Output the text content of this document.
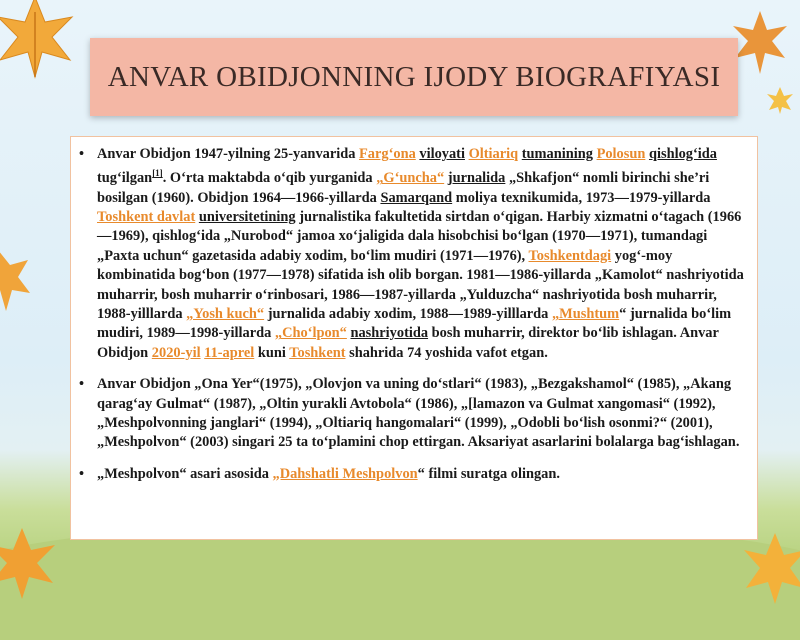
ANVAR OBIDJONNING IJODY BIOGRAFIYASI
• Anvar Obidjon 1947-yilning 25-yanvarida Farg‘ona viloyati Oltiariq tumanining Polosun qishlog‘ida tug‘ilgan[1]. O‘rta maktabda o‘qib yurganida „G‘uncha“ jurnalida „Shkafjon“ nomli birinchi she’ri bosilgan (1960). Obidjon 1964—1966-yillarda Samarqand moliya texnikumida, 1973—1979-yillarda Toshkent davlat universitetining jurnalistika fakultetida sirtdan o‘qigan. Harbiy xizmatni o‘tagach (1966—1969), qishlog‘ida „Nurobod“ jamoa xo‘jaligida dala hisobchisi bo‘lgan (1970—1971), tumandagi „Paxta uchun“ gazetasida adabiy xodim, bo‘lim mudiri (1971—1976), Toshkentdagi yog‘-moy kombinatida bog‘bon (1977—1978) sifatida ish olib borgan. 1981—1986-yillarda „Kamolot“ nashriyotida muharrir, bosh muharrir o‘rinbosari, 1986—1987-yillarda „Yulduzcha“ nashriyotida bosh muharrir, 1988-yilllarda „Yosh kuch“ jurnalida adabiy xodim, 1988—1989-yilllarda „Mushtum“ jurnalida bo‘lim mudiri, 1989—1998-yillarda „Cho‘lpon“ nashriyotida bosh muharrir, direktor bo‘lib ishlagan. Anvar Obidjon 2020-yil 11-aprel kuni Toshkent shahrida 74 yoshida vafot etgan.
• Anvar Obidjon „Ona Yer“(1975), „Olovjon va uning do‘stlari“ (1983), „Bezgakshamol“ (1985), „Akang qarag‘ay Gulmat“ (1987), „Oltin yurakli Avtobola“ (1986), „[lamazon va Gulmat xangomasi“ (1992), „Meshpolvonning janglari“ (1994), „Oltiariq hangomalari“ (1999), „Odobli bo‘lish osonmi?“ (2001), „Meshpolvon“ (2003) singari 25 ta to‘plamini chop ettirgan. Aksariyat asarlarini bolalarga bag‘ishlagan.
• „Meshpolvon“ asari asosida „Dahshatli Meshpolvon“ filmi suratga olingan.
